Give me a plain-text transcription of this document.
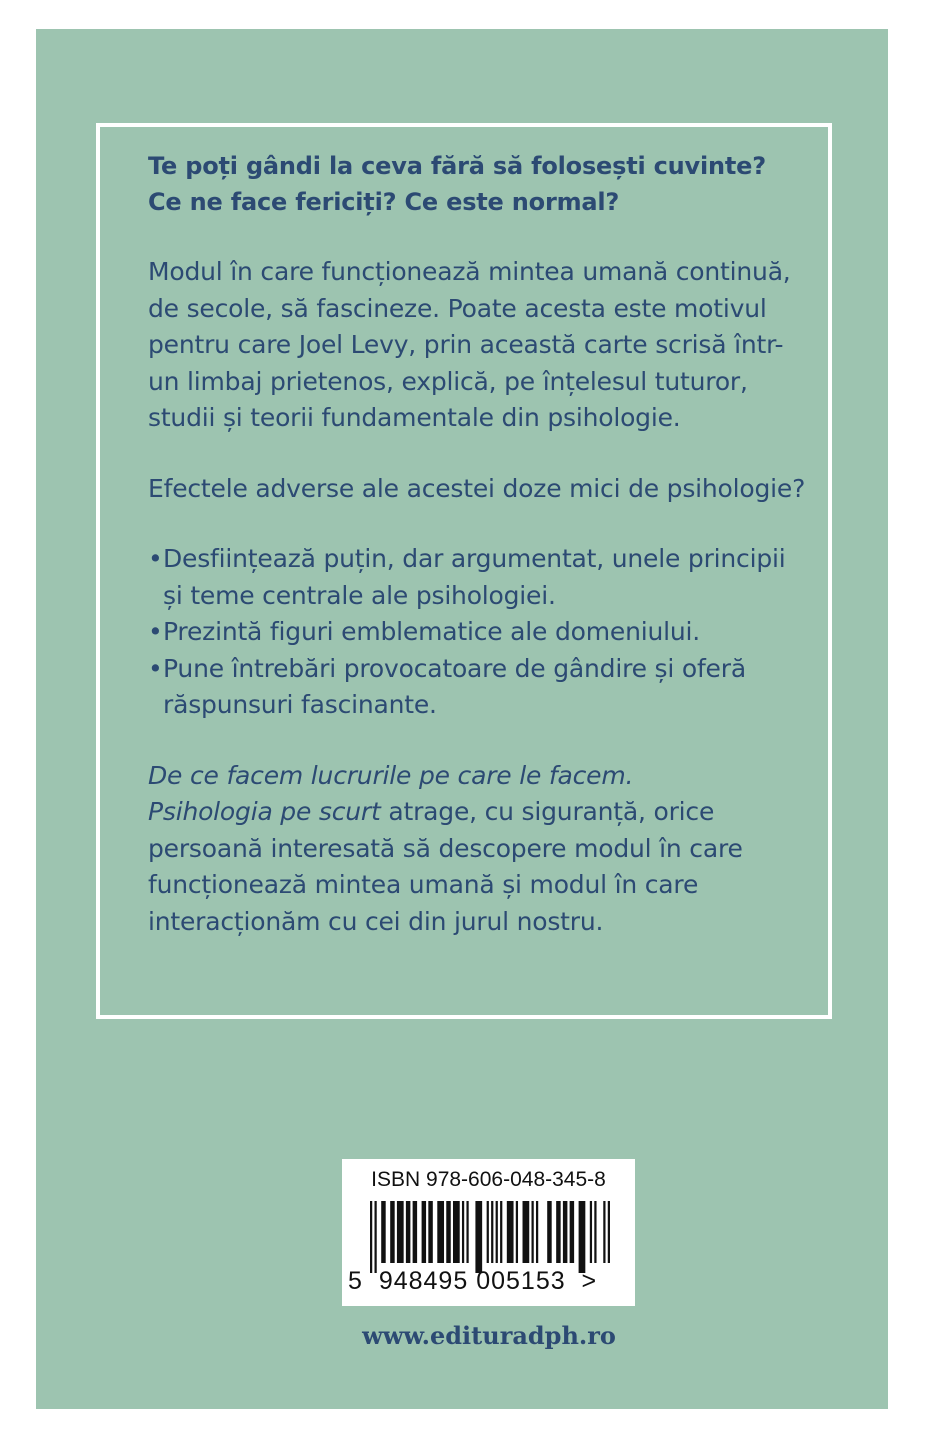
Te poți gândi la ceva fără să folosești cuvinte?
Ce ne face fericiți? Ce este normal?

Modul în care funcționează mintea umană continuă, de secole, să fascineze. Poate acesta este motivul pentru care Joel Levy, prin această carte scrisă într-un limbaj prietenos, explică, pe înțelesul tuturor, studii și teorii fundamentale din psihologie.

Efectele adverse ale acestei doze mici de psihologie?

• Desființează puțin, dar argumentat, unele principii și teme centrale ale psihologiei.
• Prezintă figuri emblematice ale domeniului.
• Pune întrebări provocatoare de gândire și oferă răspunsuri fascinante.

De ce facem lucrurile pe care le facem.
Psihologia pe scurt atrage, cu siguranță, orice persoană interesată să descopere modul în care funcționează mintea umană și modul în care interacționăm cu cei din jurul nostru.

ISBN 978-606-048-345-8
5 948495 005153 >
www.edituradph.ro
